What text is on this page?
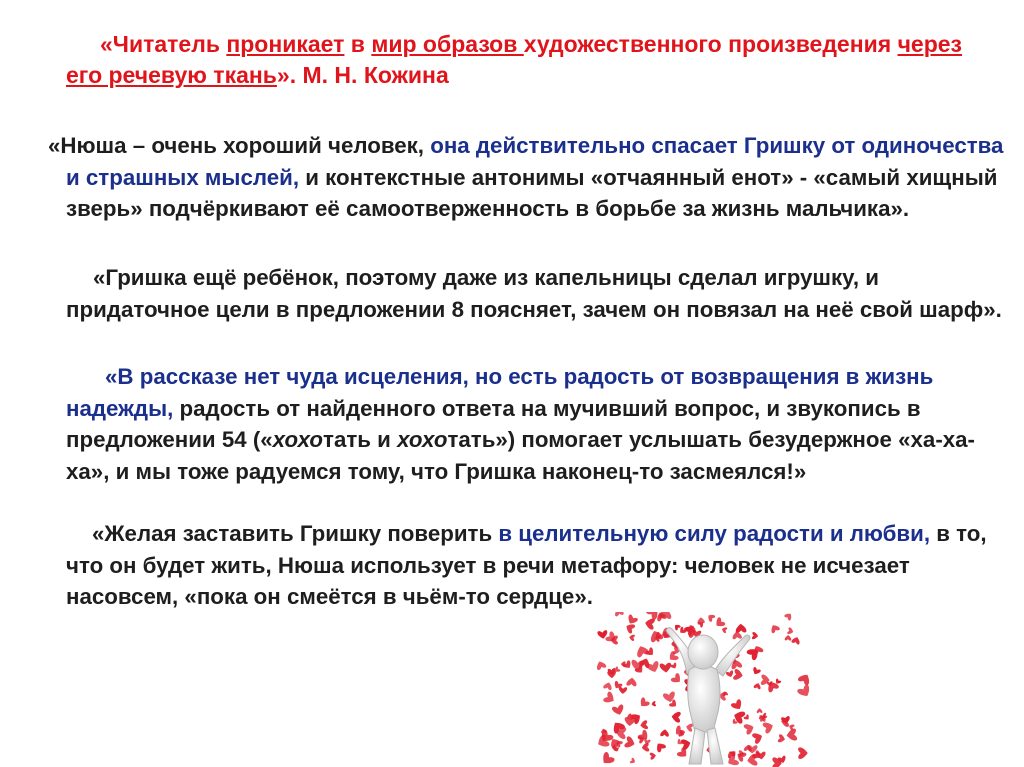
«Читатель проникает в мир образов художественного произведения через его речевую ткань». М. Н. Кожина

«Нюша – очень хороший человек, она действительно спасает Гришку от одиночества и страшных мыслей, и контекстные антонимы «отчаянный енот» - «самый хищный зверь» подчёркивают её самоотверженность в борьбе за жизнь мальчика».

«Гришка ещё ребёнок, поэтому даже из капельницы сделал игрушку, и придаточное цели в предложении 8 поясняет, зачем он повязал на неё свой шарф».

«В рассказе нет чуда исцеления, но есть радость от возвращения в жизнь надежды, радость от найденного ответа на мучивший вопрос, и звукопись в предложении 54 («хохотать и хохотать») помогает услышать безудержное «ха-ха-ха», и мы тоже радуемся тому, что Гришка наконец-то засмеялся!»

«Желая заставить Гришку поверить в целительную силу радости и любви, в то, что он будет жить, Нюша использует в речи метафору: человек не исчезает насовсем, «пока он смеётся в чьём-то сердце».
